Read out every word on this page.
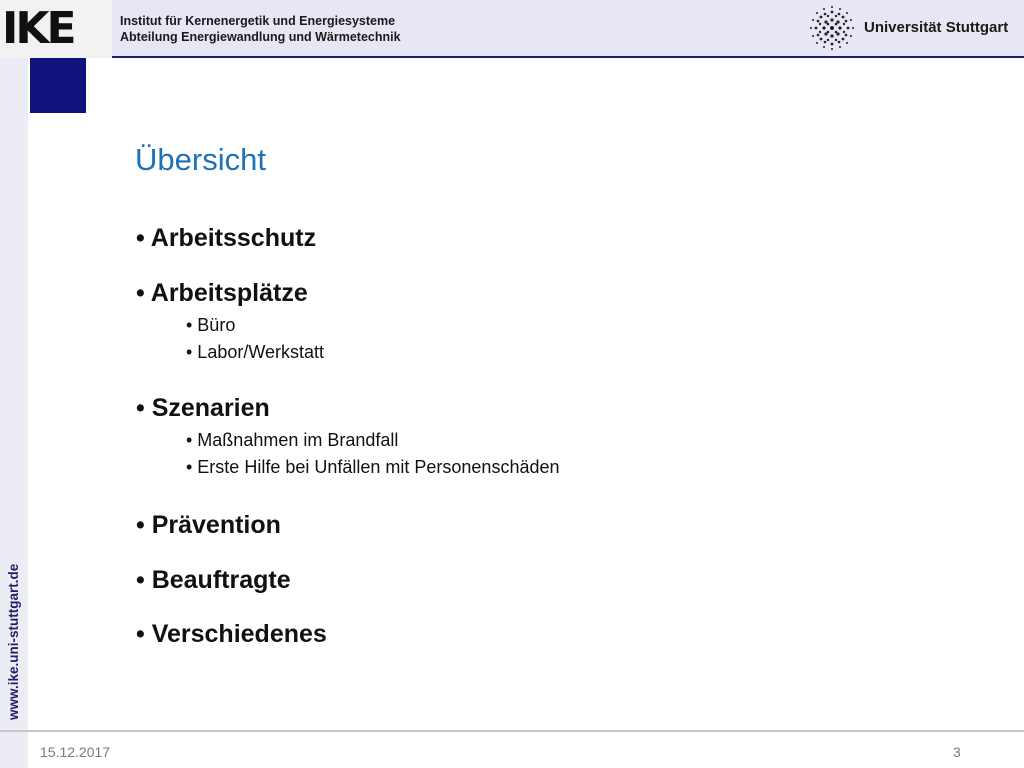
IKE	Institut für Kernenergetik und Energiesysteme
Abteilung Energiewandlung und Wärmetechnik
Universität Stuttgart
www.ike.uni-stuttgart.de
Übersicht
• Arbeitsschutz
• Arbeitsplätze
• Büro
• Labor/Werkstatt
• Szenarien
• Maßnahmen im Brandfall
• Erste Hilfe bei Unfällen mit Personenschäden
• Prävention
• Beauftragte
• Verschiedenes
15.12.2017	3
